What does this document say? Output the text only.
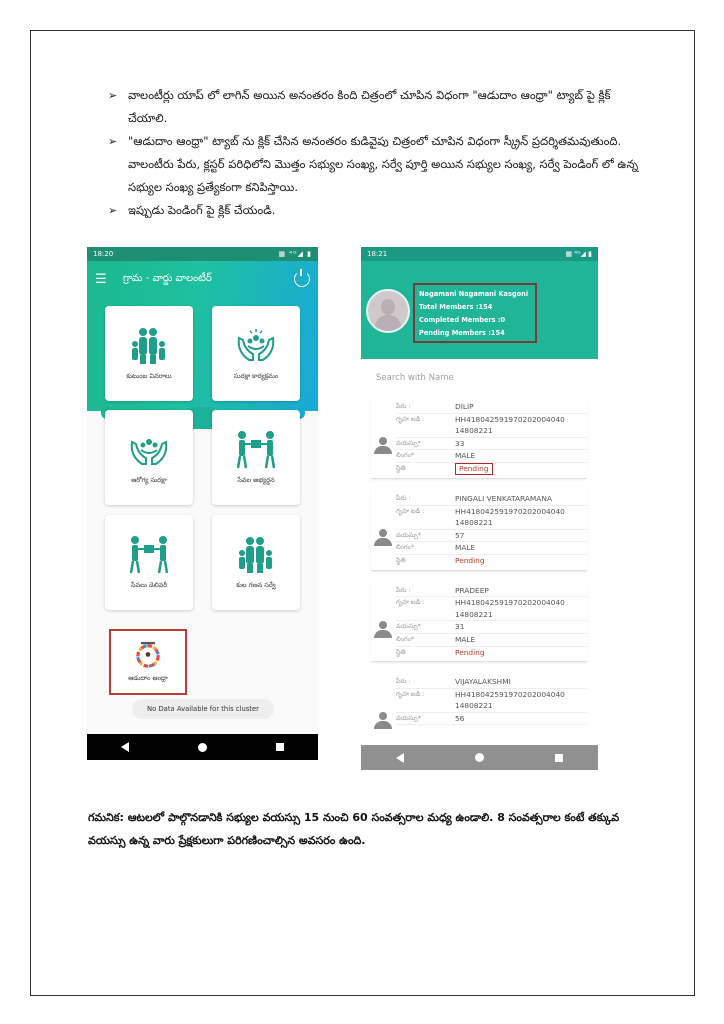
➢ వాలంటీర్లు యాప్ లో లాగిన్ అయిన అనంతరం కింది చిత్రంలో చూపిన విధంగా "ఆడుదాం ఆంధ్రా" ట్యాబ్ పై క్లిక్ చేయాలి.
➢ "ఆడుదాం ఆంధ్రా" ట్యాబ్ ను క్లిక్ చేసిన అనంతరం కుడివైపు చిత్రంలో చూపిన విధంగా స్క్రీన్ ప్రదర్శితమవుతుంది. వాలంటీరు పేరు, క్లస్టర్ పరిధిలోని మొత్తం సభ్యుల సంఖ్య, సర్వే పూర్తి అయిన సభ్యుల సంఖ్య, సర్వే పెండింగ్ లో ఉన్న సభ్యుల సంఖ్య ప్రత్యేకంగా కనిపిస్తాయి.
➢ ఇప్పుడు పెండింగ్ పై క్లిక్ చేయండి.
18:20	▦ ⁴ᴳ◢ ▮
☰	గ్రామ - వార్డు వాలంటీర్
కుటుంబ వివరాలు	సురక్షా కార్యక్రమం
ఆరోగ్య సురక్షా	సేవల అభ్యర్థన
సేవలు డెలివరీ	కుల గణన సర్వే
ఆడుదాం ఆంధ్రా
No Data Available for this cluster
18:21	▦ ⁴ᴳ◢ ▮
Nagamani Nagamani Kasgoni
Total Members :154
Completed Members :0
Pending Members :154
Search with Name
పేరు :	DILIP
గృహ ఐడి :	HH418042591970202004040 14808221
వయస్సు*	33
లింగం*	MALE
స్థితి	Pending
పేరు :	PINGALI VENKATARAMANA
గృహ ఐడి :	HH418042591970202004040 14808221
వయస్సు*	57
లింగం*	MALE
స్థితి	Pending
పేరు :	PRADEEP
గృహ ఐడి :	HH418042591970202004040 14808221
వయస్సు*	31
లింగం*	MALE
స్థితి	Pending
పేరు :	VIJAYALAKSHMI
గృహ ఐడి :	HH418042591970202004040 14808221
వయస్సు*	56
గమనిక: ఆటలలో పాల్గొనడానికి సభ్యుల వయస్సు 15 నుంచి 60 సంవత్సరాల మధ్య ఉండాలి. 8 సంవత్సరాల కంటే తక్కువ వయస్సు ఉన్న వారు ప్రేక్షకులుగా పరిగణించాల్సిన అవసరం ఉంది.
